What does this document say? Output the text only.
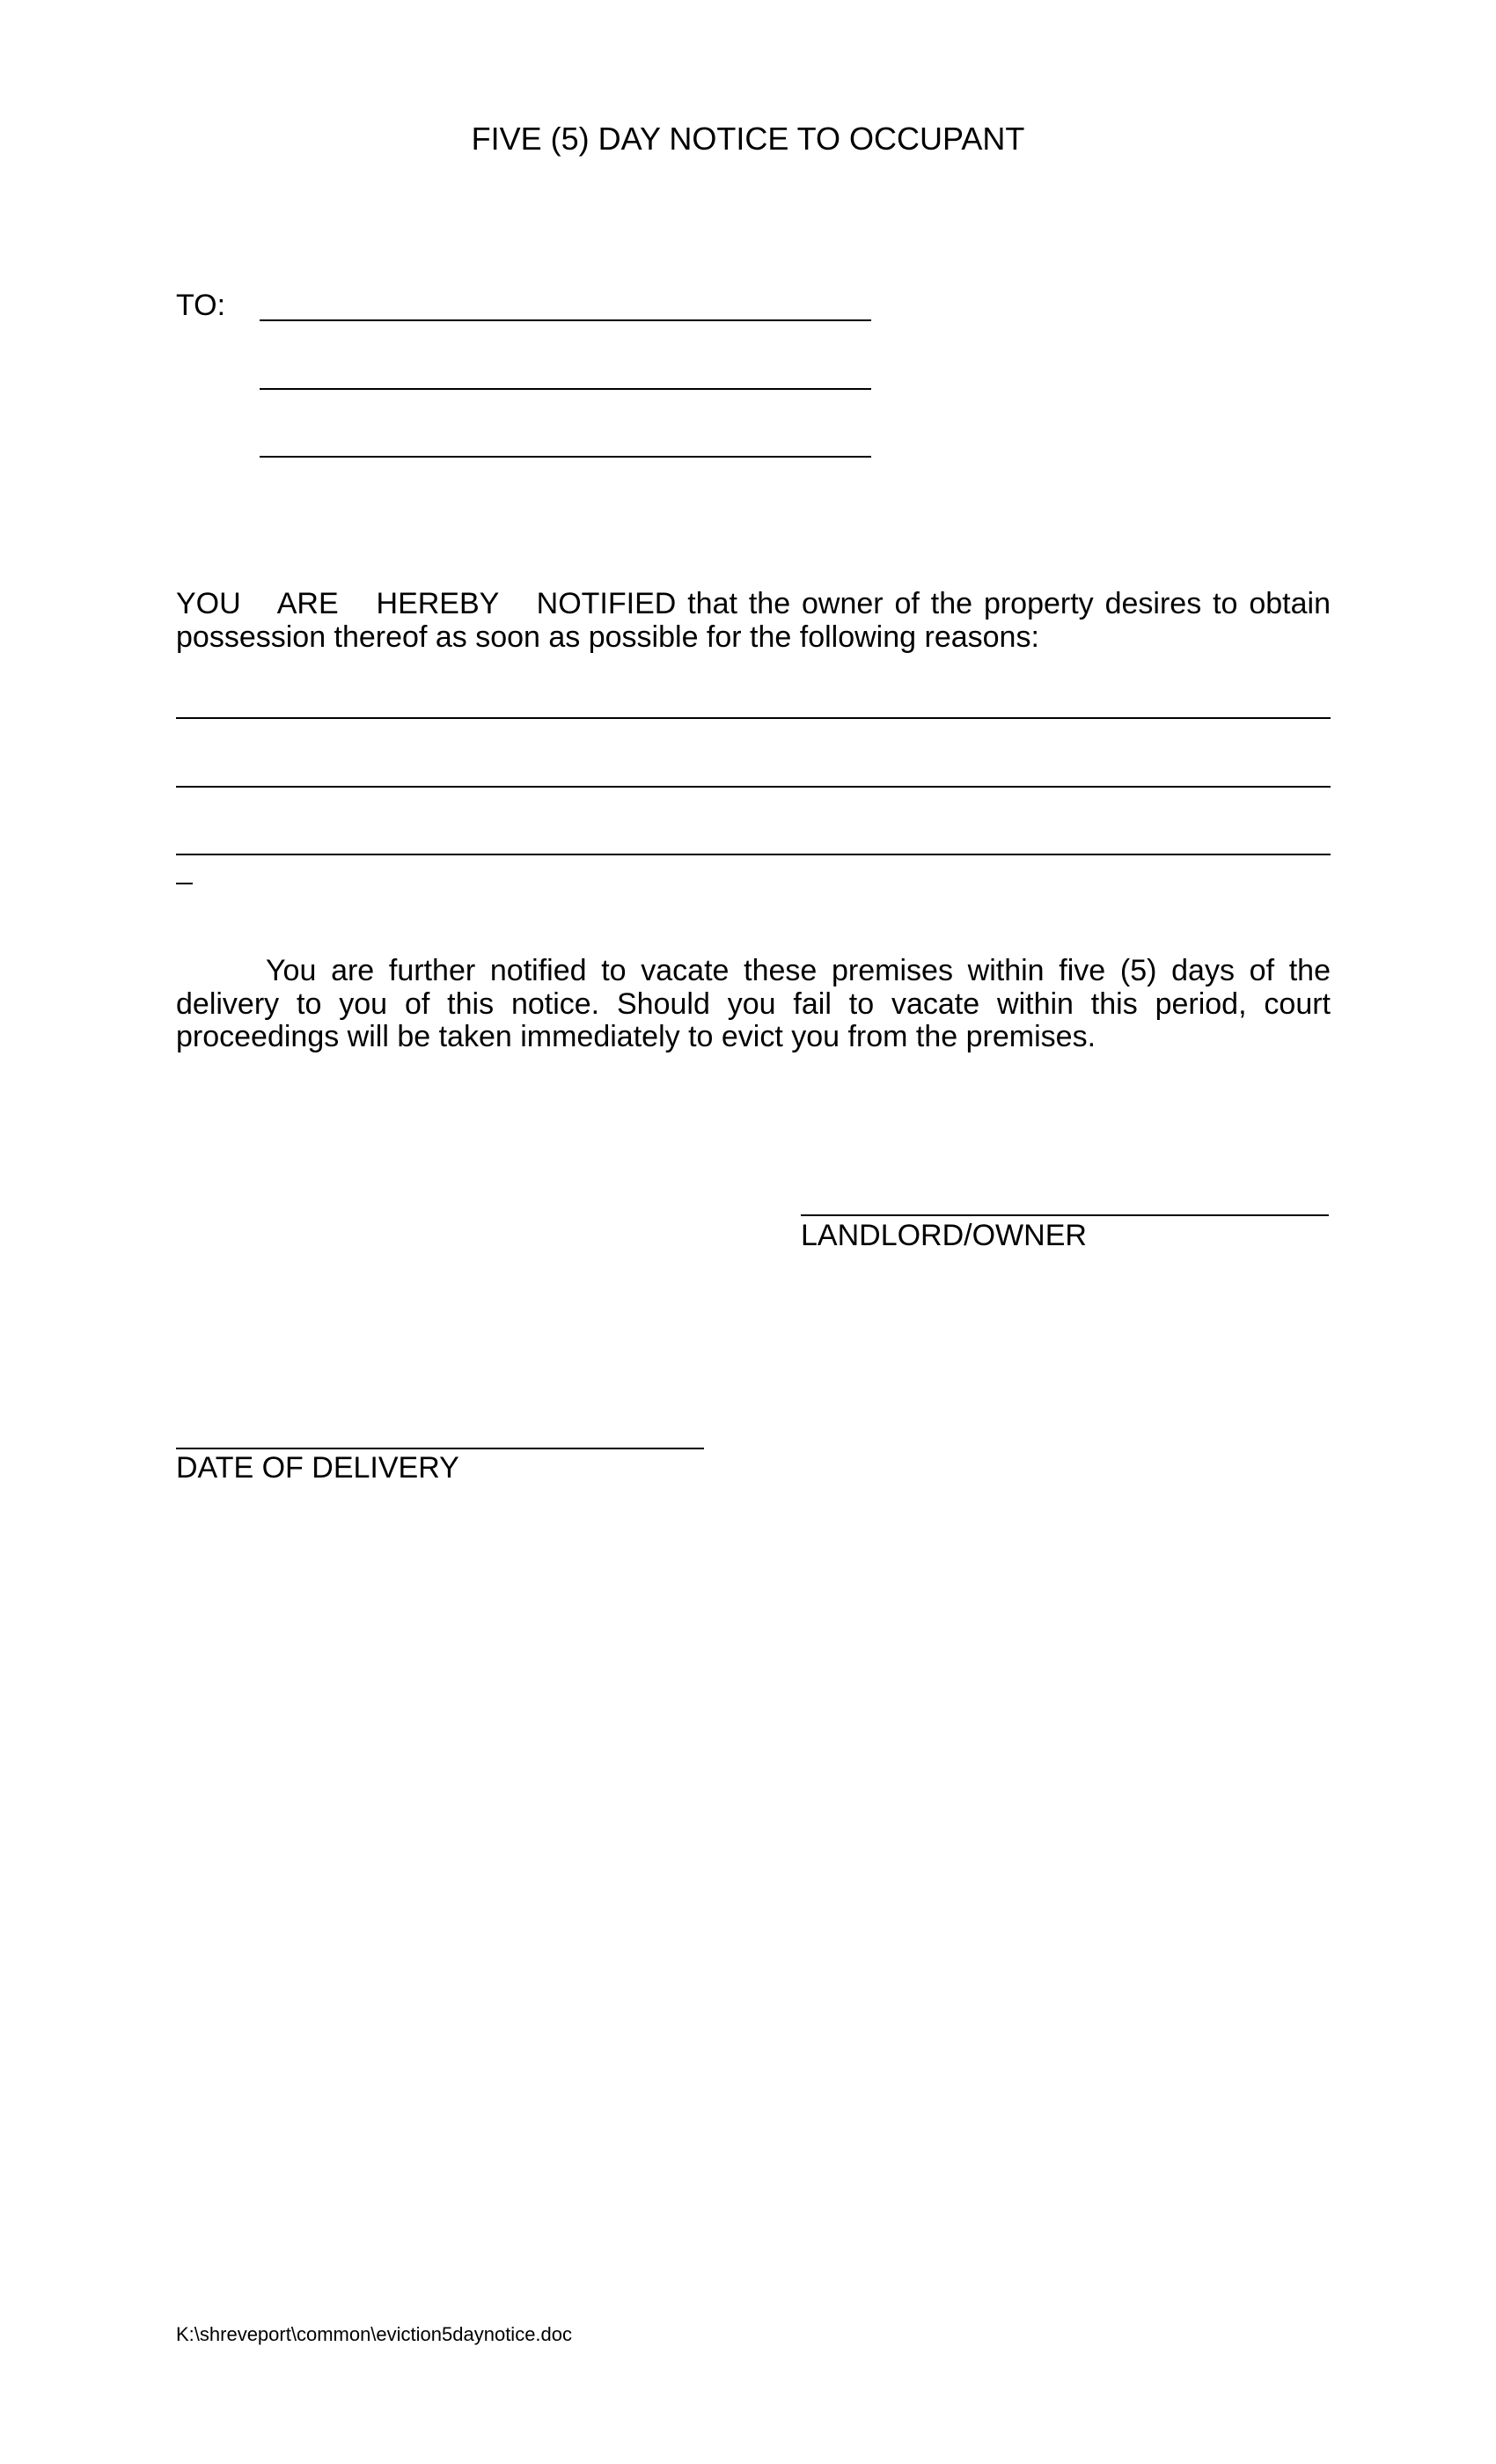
FIVE (5) DAY NOTICE TO OCCUPANT
TO:
YOU ARE HEREBY NOTIFIED that the owner of the property desires to obtain possession thereof as soon as possible for the following reasons:
You are further notified to vacate these premises within five (5) days of the delivery to you of this notice. Should you fail to vacate within this period, court proceedings will be taken immediately to evict you from the premises.
LANDLORD/OWNER
DATE OF DELIVERY
K:\shreveport\common\eviction5daynotice.doc
